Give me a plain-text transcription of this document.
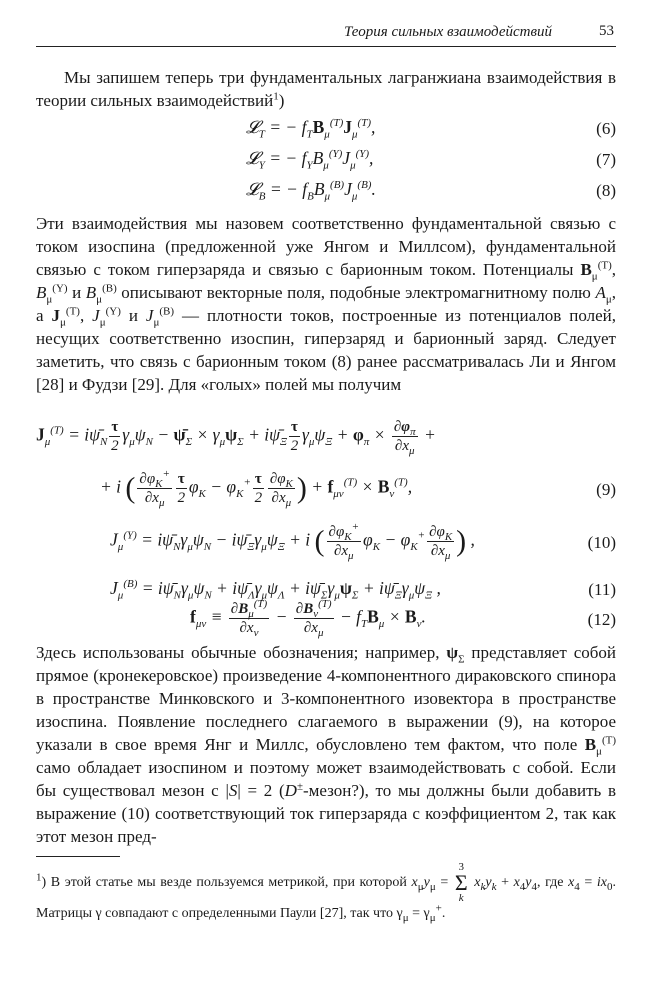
Теория сильных взаимодействий	53

Мы запишем теперь три фундаментальных лагранжиана взаимодействия в теории сильных взаимодействий$^1$)

𝓛$_T$ = − $f_TB_\mu^{(T)}J_\mu^{(T)}$,	(6)
𝓛$_Y$ = − $f_YB_\mu^{(Y)}J_\mu^{(Y)}$,	(7)
𝓛$_B$ = − $f_BB_\mu^{(B)}J_\mu^{(B)}$.	(8)

Эти взаимодействия мы назовем соответственно фундаментальной связью с током изоспина (предложенной уже Янгом и Миллсом), фундаментальной связью с током гиперзаряда и связью с барионным током. Потенциалы $B_\mu^{(T)}$, $B_\mu^{(Y)}$ и $B_\mu^{(B)}$ описывают векторные поля, подобные электромагнитному полю $A_\mu$, а $J_\mu^{(T)}$, $J_\mu^{(Y)}$ и $J_\mu^{(B)}$ — плотности токов, построенные из потенциалов полей, несущих соответственно изоспин, гиперзаряд и барионный заряд. Следует заметить, что связь с барионным током (8) ранее рассматривалась Ли и Янгом [28] и Фудзи [29]. Для «голых» полей мы получим

$J_\mu^{(T)}$ = $i\psī_N \frac{\tau}{2} \gamma_\mu\psi_N$ − $\psī_\Sigma \times \gamma_\mu\psi_\Sigma$ + $i\psī_\Xi \frac{\tau}{2} \gamma_\mu\psi_\Xi + \varphi_\pi \times \frac{\partial\varphi_\pi}{\partial x_\mu}$ +
+ i ( $\frac{\partial\varphi_K^+}{\partial x_\mu} \frac{\tau}{2} \varphi_K - \varphi_K^+ \frac{\tau}{2} \frac{\partial\varphi_K}{\partial x_\mu}$ ) + $f_{\mu\nu}^{(T)} \times B_\nu^{(T)}$,	(9)
$J_\mu^{(Y)}$ = $i\psī_N\gamma_\mu\psi_N$ − $i\psī_\Xi\gamma_\mu\psi_\Xi + i$ ( $\frac{\partial\varphi_K^+}{\partial x_\mu} \varphi_K - \varphi_K^+ \frac{\partial\varphi_K}{\partial x_\mu}$ ) ,	(10)
$J_\mu^{(B)}$ = $i\psī_N\gamma_\mu\psi_N$ + $i\psī_\Lambda\gamma_\mu\psi_\Lambda$ + $i\psī_\Sigma\gamma_\mu\psi_\Sigma$ + $i\psī_\Xi\gamma_\mu\psi_\Xi$ ,	(11)
$f_{\mu\nu} \equiv \frac{\partial B_\mu^{(T)}}{\partial x_\nu} - \frac{\partial B_\nu^{(T)}}{\partial x_\mu} - f_TB_\mu \times B_\nu$.	(12)

Здесь использованы обычные обозначения; например, $\psi_\Sigma$ представляет собой прямое (кронекеровское) произведение 4-компонентного дираковского спинора в пространстве Минковского и 3-компонентного изовектора в пространстве изоспина. Появление последнего слагаемого в выражении (9), на которое указали в свое время Янг и Миллс, обусловлено тем фактом, что поле $B_\mu^{(T)}$ само обладает изоспином и поэтому может взаимодействовать с собой. Если бы существовал мезон с |S| = 2 (D±-мезон?), то мы должны были добавить в выражение (10) соответствующий ток гиперзаряда с коэффициентом 2, так как этот мезон пред-

$^1$) В этой статье мы везде пользуемся метрикой, при которой $x_\mu y_\mu = 3$
Σ
k $x_ky_k + x_4y_4$, где $x_4 = ix_0$. Матрицы γ совпадают с определенными Паули [27], так что $\gamma_\mu = \gamma_\mu^+$.
